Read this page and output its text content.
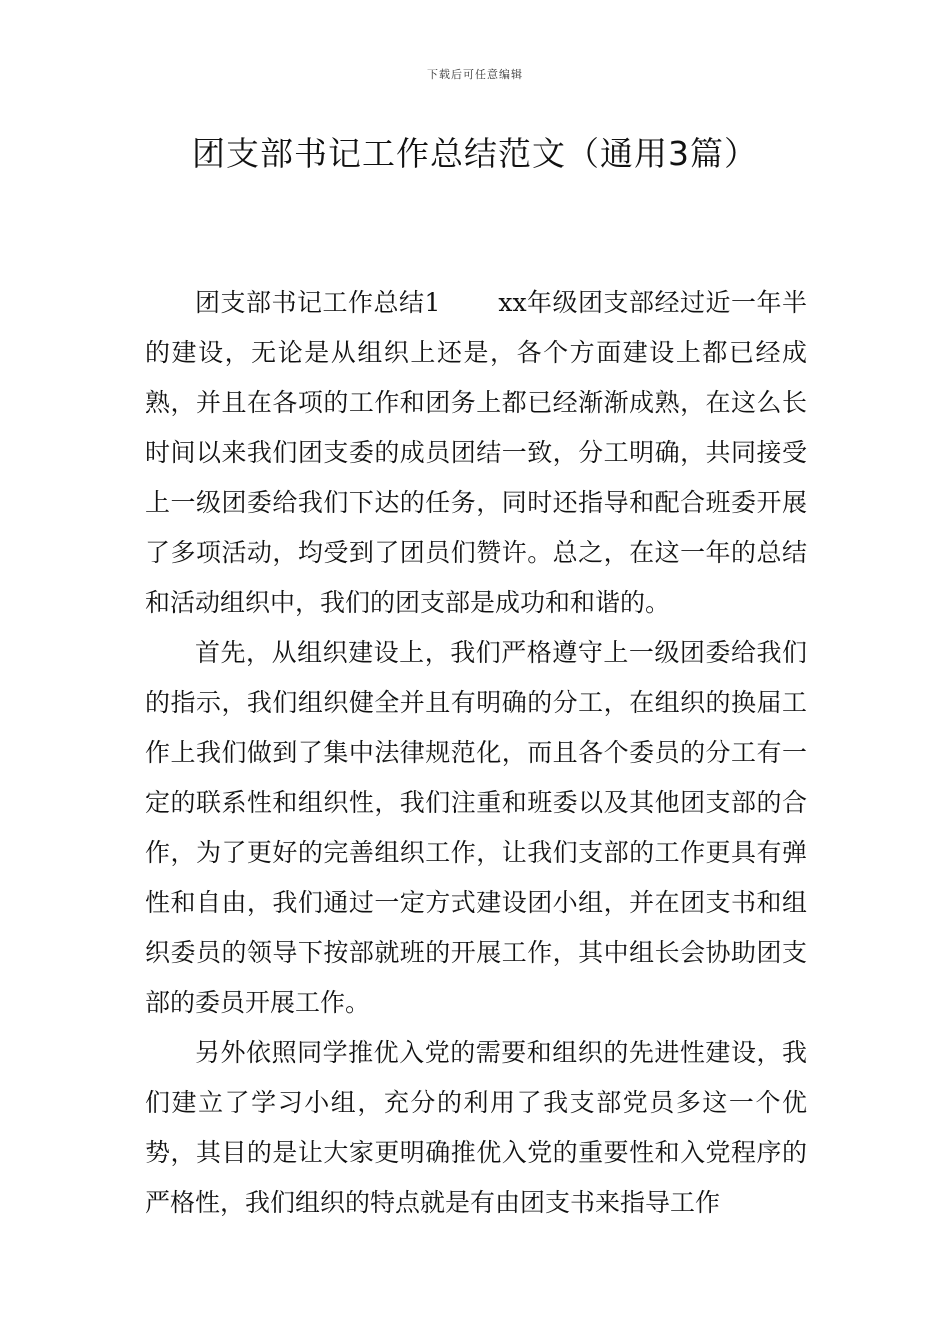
下载后可任意编辑
团支部书记工作总结范文（通用3篇）

团支部书记工作总结1 xx年级团支部经过近一年半的建设，无论是从组织上还是，各个方面建设上都已经成熟，并且在各项的工作和团务上都已经渐渐成熟，在这么长时间以来我们团支委的成员团结一致，分工明确，共同接受上一级团委给我们下达的任务，同时还指导和配合班委开展了多项活动，均受到了团员们赞许。总之，在这一年的总结和活动组织中，我们的团支部是成功和和谐的。

首先，从组织建设上，我们严格遵守上一级团委给我们的指示，我们组织健全并且有明确的分工，在组织的换届工作上我们做到了集中法律规范化，而且各个委员的分工有一定的联系性和组织性，我们注重和班委以及其他团支部的合作，为了更好的完善组织工作，让我们支部的工作更具有弹性和自由，我们通过一定方式建设团小组，并在团支书和组织委员的领导下按部就班的开展工作，其中组长会协助团支部的委员开展工作。

另外依照同学推优入党的需要和组织的先进性建设，我们建立了学习小组，充分的利用了我支部党员多这一个优势，其目的是让大家更明确推优入党的重要性和入党程序的严格性，我们组织的特点就是有由团支书来指导工作
